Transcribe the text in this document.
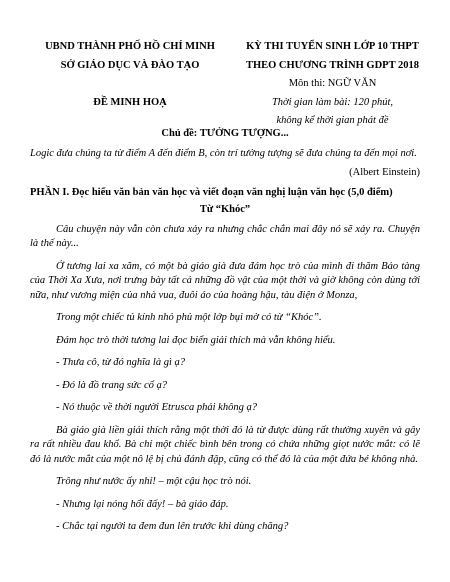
UBND THÀNH PHỐ HỒ CHÍ MINH
SỞ GIÁO DỤC VÀ ĐÀO TẠO
ĐỀ MINH HOẠ
KỲ THI TUYỂN SINH LỚP 10 THPT
THEO CHƯƠNG TRÌNH GDPT 2018
Môn thi: NGỮ VĂN
Thời gian làm bài: 120 phút,
không kể thời gian phát đề
Chủ đề: TƯỞNG TƯỢNG...

Logic đưa chúng ta từ điểm A đến điểm B, còn trí tưởng tượng sẽ đưa chúng ta đến mọi nơi.

(Albert Einstein)
PHẦN I. Đọc hiểu văn bản văn học và viết đoạn văn nghị luận văn học (5,0 điểm)
Từ “Khóc”

Câu chuyện này vẫn còn chưa xảy ra nhưng chắc chắn mai đây nó sẽ xảy ra. Chuyện là thế này...

Ở tương lai xa xăm, có một bà giáo già đưa đám học trò của mình đi thăm Bảo tàng của Thời Xa Xưa, nơi trưng bày tất cả những đồ vật của một thời và giờ không còn dùng tới nữa, như vương miện của nhà vua, đuôi áo của hoàng hậu, tàu điện ở Monza,

Trong một chiếc tủ kính nhỏ phủ một lớp bụi mờ có từ “Khóc”.

Đám học trò thời tương lai đọc biển giải thích mà vẫn không hiểu.

- Thưa cô, từ đó nghĩa là gì ạ?

- Đó là đồ trang sức cổ ạ?

- Nó thuộc về thời người Etrusca phải không ạ?

Bà giáo già liền giải thích rằng một thời đó là từ được dùng rất thường xuyên và gây ra rất nhiều đau khổ. Bà chỉ một chiếc bình bên trong có chứa những giọt nước mắt: có lẽ đó là nước mắt của một nô lệ bị chủ đánh đập, cũng có thể đó là của một đứa bé không nhà.

Trông như nước ấy nhỉ! – một cậu học trò nói.

- Nhưng lại nóng hổi đấy! – bà giáo đáp.

- Chắc tại người ta đem đun lên trước khi dùng chăng?
